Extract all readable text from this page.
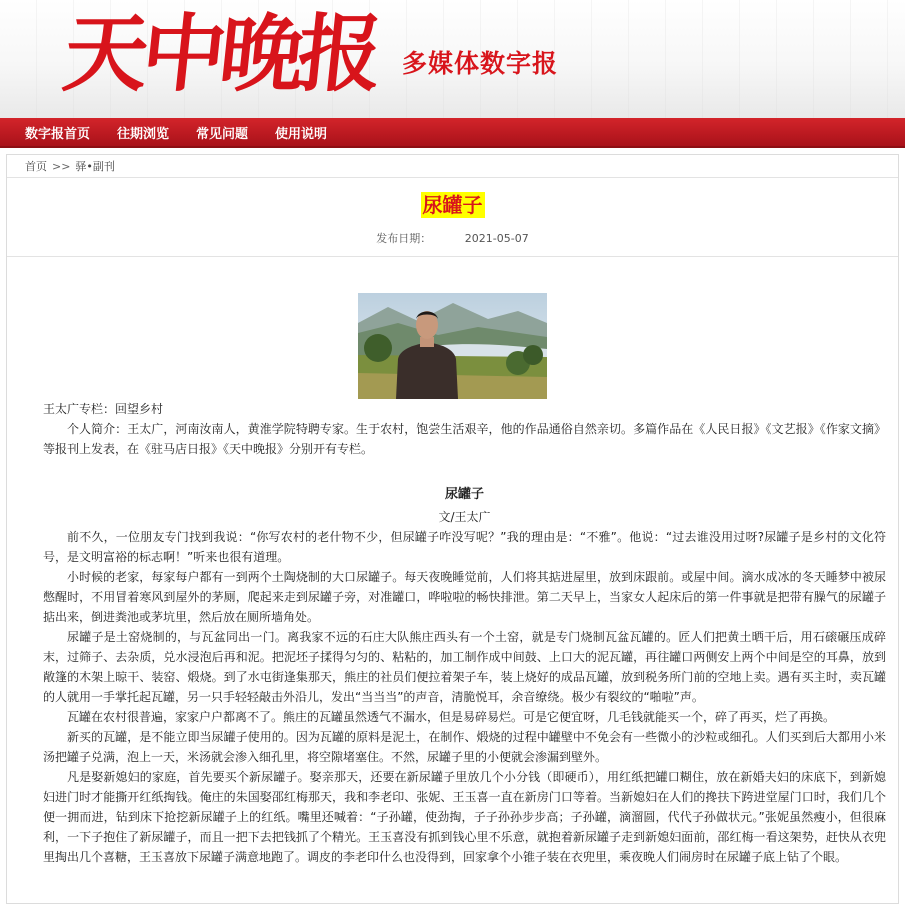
天中晚报 多媒体数字报
数字报首页 往期浏览 常见问题 使用说明
首页 >> 驿•副刊
尿罐子
发布日期：	2021-05-07

王太广专栏：回望乡村

个人简介：王太广，河南汝南人，黄淮学院特聘专家。生于农村，饱尝生活艰辛，他的作品通俗自然亲切。多篇作品在《人民日报》《文艺报》《作家文摘》等报刊上发表，在《驻马店日报》《天中晚报》分别开有专栏。

尿罐子
文/王太广

前不久，一位朋友专门找到我说：“你写农村的老什物不少，但尿罐子咋没写呢？”我的理由是：“不雅”。他说：“过去谁没用过呀?尿罐子是乡村的文化符号，是文明富裕的标志啊！”听来也很有道理。

小时候的老家，每家每户都有一到两个土陶烧制的大口尿罐子。每天夜晚睡觉前，人们将其掂进屋里，放到床跟前。或屋中间。滴水成冰的冬天睡梦中被尿憋醒时，不用冒着寒风到屋外的茅厕，爬起来走到尿罐子旁，对准罐口，哗啦啦的畅快排泄。第二天早上，当家女人起床后的第一件事就是把带有臊气的尿罐子掂出来，倒进粪池或茅坑里，然后放在厕所墙角处。

尿罐子是土窑烧制的，与瓦盆同出一门。离我家不远的石庄大队熊庄西头有一个土窑，就是专门烧制瓦盆瓦罐的。匠人们把黄土晒干后，用石磙碾压成碎末，过筛子、去杂质，兑水浸泡后再和泥。把泥坯子揉得匀匀的、粘粘的，加工制作成中间鼓、上口大的泥瓦罐，再往罐口两侧安上两个中间是空的耳鼻，放到敞篷的木架上晾干、装窑、煅烧。到了水屯街逢集那天，熊庄的社员们便拉着架子车，装上烧好的成品瓦罐，放到税务所门前的空地上卖。遇有买主时，卖瓦罐的人就用一手掌托起瓦罐，另一只手轻轻敲击外沿儿，发出“当当当”的声音，清脆悦耳，余音缭绕。极少有裂纹的“啪啦”声。

瓦罐在农村很普遍，家家户户都离不了。熊庄的瓦罐虽然透气不漏水，但是易碎易烂。可是它便宜呀，几毛钱就能买一个，碎了再买，烂了再换。

新买的瓦罐，是不能立即当尿罐子使用的。因为瓦罐的原料是泥土，在制作、煅烧的过程中罐壁中不免会有一些微小的沙粒或细孔。人们买到后大都用小米汤把罐子兑满，泡上一天，米汤就会渗入细孔里，将空隙堵塞住。不然，尿罐子里的小便就会渗漏到壁外。

凡是娶新媳妇的家庭，首先要买个新尿罐子。娶亲那天，还要在新尿罐子里放几个小分钱（即硬币），用红纸把罐口糊住，放在新婚夫妇的床底下，到新媳妇进门时才能撕开红纸掏钱。俺庄的朱国娶邵红梅那天，我和李老印、张妮、王玉喜一直在新房门口等着。当新媳妇在人们的搀扶下跨进堂屋门口时，我们几个便一拥而进，钻到床下抢挖新尿罐子上的红纸。嘴里还喊着：“子孙罐，使劲掏，子子孙孙步步高；子孙罐，滴溜圆，代代子孙做状元。”张妮虽然瘦小，但很麻利，一下子抱住了新尿罐子，而且一把下去把钱抓了个精光。王玉喜没有抓到钱心里不乐意，就抱着新尿罐子走到新媳妇面前，邵红梅一看这架势，赶快从衣兜里掏出几个喜糖，王玉喜放下尿罐子满意地跑了。调皮的李老印什么也没得到，回家拿个小锥子装在衣兜里，乘夜晚人们闹房时在尿罐子底上钻了个眼。
